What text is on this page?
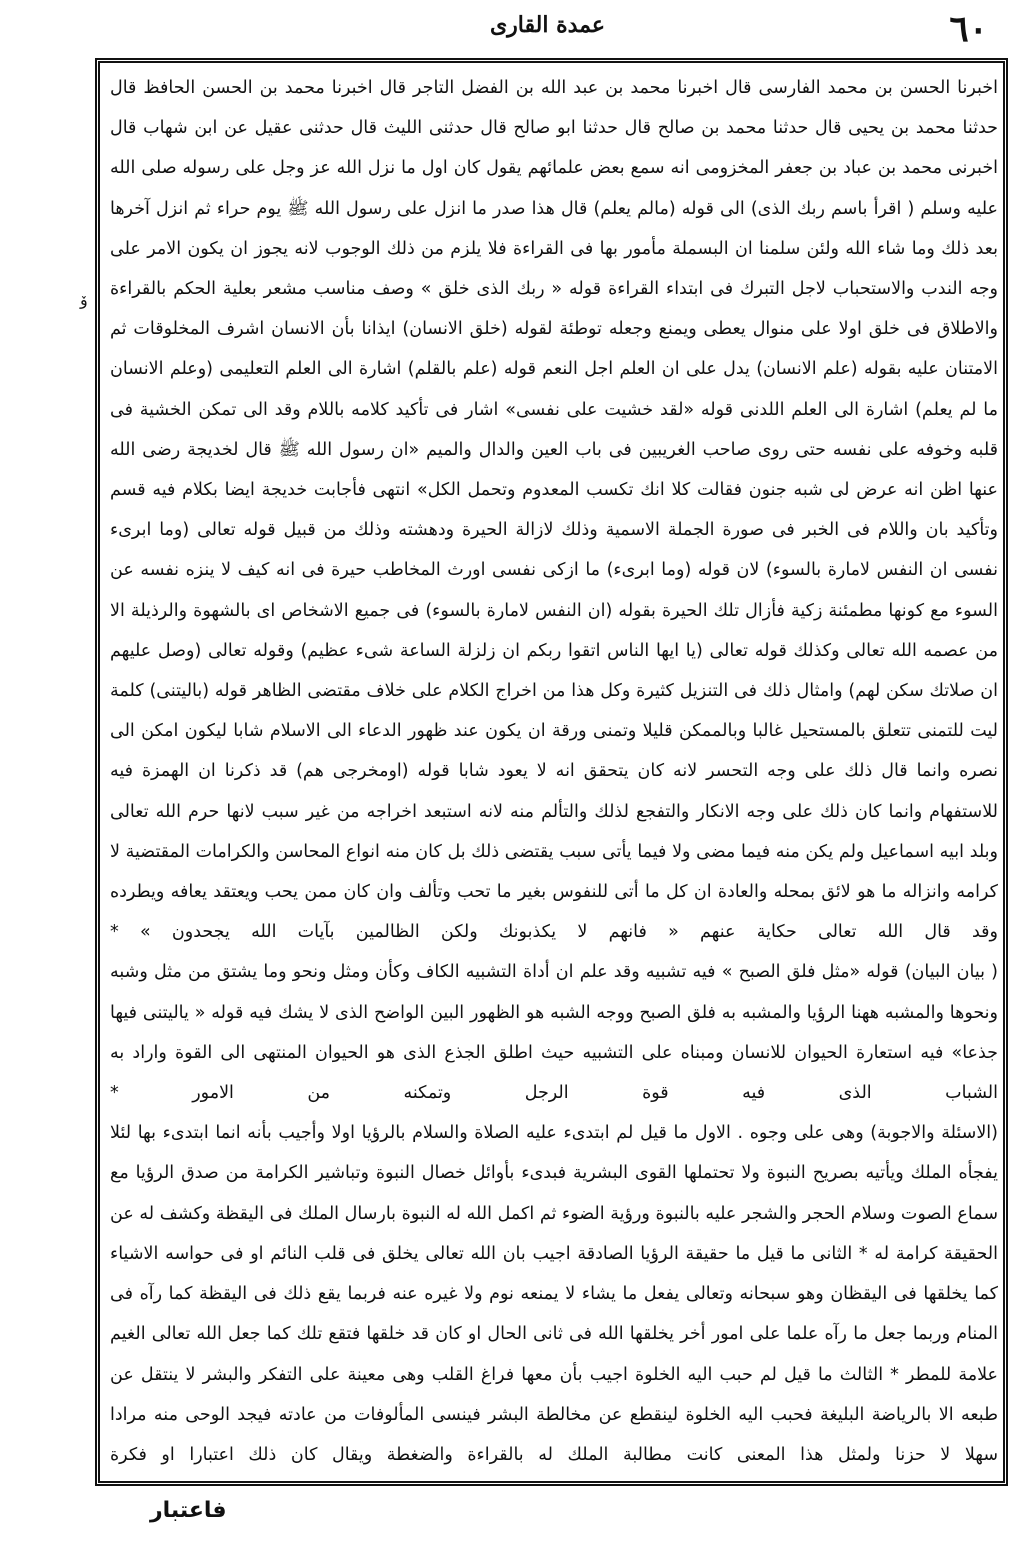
٦٠
عمدة القارى
ۆ

اخبرنا الحسن بن محمد الفارسى قال اخبرنا محمد بن عبد الله بن الفضل التاجر قال اخبرنا محمد بن الحسن الحافظ قال حدثنا محمد بن يحيى قال حدثنا محمد بن صالح قال حدثنا ابو صالح قال حدثنى الليث قال حدثنى عقيل عن ابن شهاب قال اخبرنى محمد بن عباد بن جعفر المخزومى انه سمع بعض علمائهم يقول كان اول ما نزل الله عز وجل على رسوله صلى الله عليه وسلم ( اقرأ باسم ربك الذى) الى قوله (مالم يعلم) قال هذا صدر ما انزل على رسول الله ﷺ يوم حراء ثم انزل آخرها بعد ذلك وما شاء الله ولئن سلمنا ان البسملة مأمور بها فى القراءة فلا يلزم من ذلك الوجوب لانه يجوز ان يكون الامر على وجه الندب والاستحباب لاجل التبرك فى ابتداء القراءة قوله « ربك الذى خلق » وصف مناسب مشعر بعلية الحكم بالقراءة والاطلاق فى خلق اولا على منوال يعطى ويمنع وجعله توطئة لقوله (خلق الانسان) ايذانا بأن الانسان اشرف المخلوقات ثم الامتنان عليه بقوله (علم الانسان) يدل على ان العلم اجل النعم قوله (علم بالقلم) اشارة الى العلم التعليمى (وعلم الانسان ما لم يعلم) اشارة الى العلم اللدنى قوله «لقد خشيت على نفسى» اشار فى تأكيد كلامه باللام وقد الى تمكن الخشية فى قلبه وخوفه على نفسه حتى روى صاحب الغريبين فى باب العين والدال والميم «ان رسول الله ﷺ قال لخديجة رضى الله عنها اظن انه عرض لى شبه جنون فقالت كلا انك تكسب المعدوم وتحمل الكل» انتهى فأجابت خديجة ايضا بكلام فيه قسم وتأكيد بان واللام فى الخبر فى صورة الجملة الاسمية وذلك لازالة الحيرة ودهشته وذلك من قبيل قوله تعالى (وما ابرىء نفسى ان النفس لامارة بالسوء) لان قوله (وما ابرىء) ما ازكى نفسى اورث المخاطب حيرة فى انه كيف لا ينزه نفسه عن السوء مع كونها مطمئنة زكية فأزال تلك الحيرة بقوله (ان النفس لامارة بالسوء) فى جميع الاشخاص اى بالشهوة والرذيلة الا من عصمه الله تعالى وكذلك قوله تعالى (يا ايها الناس اتقوا ربكم ان زلزلة الساعة شىء عظيم) وقوله تعالى (وصل عليهم ان صلاتك سكن لهم) وامثال ذلك فى التنزيل كثيرة وكل هذا من اخراج الكلام على خلاف مقتضى الظاهر قوله (باليتنى) كلمة ليت للتمنى تتعلق بالمستحيل غالبا وبالممكن قليلا وتمنى ورقة ان يكون عند ظهور الدعاء الى الاسلام شابا ليكون امكن الى نصره وانما قال ذلك على وجه التحسر لانه كان يتحقق انه لا يعود شابا قوله (اومخرجى هم) قد ذكرنا ان الهمزة فيه للاستفهام وانما كان ذلك على وجه الانكار والتفجع لذلك والتألم منه لانه استبعد اخراجه من غير سبب لانها حرم الله تعالى وبلد ابيه اسماعيل ولم يكن منه فيما مضى ولا فيما يأتى سبب يقتضى ذلك بل كان منه انواع المحاسن والكرامات المقتضية لا كرامه وانزاله ما هو لائق بمحله والعادة ان كل ما أتى للنفوس بغير ما تحب وتألف وان كان ممن يحب ويعتقد يعافه ويطرده وقد قال الله تعالى حكاية عنهم « فانهم لا يكذبونك ولكن الظالمين بآيات الله يجحدون » *

( بيان البيان) قوله «مثل فلق الصبح » فيه تشبيه وقد علم ان أداة التشبيه الكاف وكأن ومثل ونحو وما يشتق من مثل وشبه ونحوها والمشبه ههنا الرؤيا والمشبه به فلق الصبح ووجه الشبه هو الظهور البين الواضح الذى لا يشك فيه قوله « ياليتنى فيها جذعا» فيه استعارة الحيوان للانسان ومبناه على التشبيه حيث اطلق الجذع الذى هو الحيوان المنتهى الى القوة واراد به الشباب الذى فيه قوة الرجل وتمكنه من الامور *

(الاسئلة والاجوبة) وهى على وجوه . الاول ما قيل لم ابتدىء عليه الصلاة والسلام بالرؤيا اولا وأجيب بأنه انما ابتدىء بها لئلا يفجأه الملك ويأتيه بصريح النبوة ولا تحتملها القوى البشرية فبدىء بأوائل خصال النبوة وتباشير الكرامة من صدق الرؤيا مع سماع الصوت وسلام الحجر والشجر عليه بالنبوة ورؤية الضوء ثم اكمل الله له النبوة بارسال الملك فى اليقظة وكشف له عن الحقيقة كرامة له * الثانى ما قيل ما حقيقة الرؤيا الصادقة اجيب بان الله تعالى يخلق فى قلب النائم او فى حواسه الاشياء كما يخلقها فى اليقظان وهو سبحانه وتعالى يفعل ما يشاء لا يمنعه نوم ولا غيره عنه فربما يقع ذلك فى اليقظة كما رآه فى المنام وربما جعل ما رآه علما على امور أخر يخلقها الله فى ثانى الحال او كان قد خلقها فتقع تلك كما جعل الله تعالى الغيم علامة للمطر * الثالث ما قيل لم حبب اليه الخلوة اجيب بأن معها فراغ القلب وهى معينة على التفكر والبشر لا ينتقل عن طبعه الا بالرياضة البليغة فحبب اليه الخلوة لينقطع عن مخالطة البشر فينسى المألوفات من عادته فيجد الوحى منه مرادا سهلا لا حزنا ولمثل هذا المعنى كانت مطالبة الملك له بالقراءة والضغطة ويقال كان ذلك اعتبارا او فكرة

فاعتبار
